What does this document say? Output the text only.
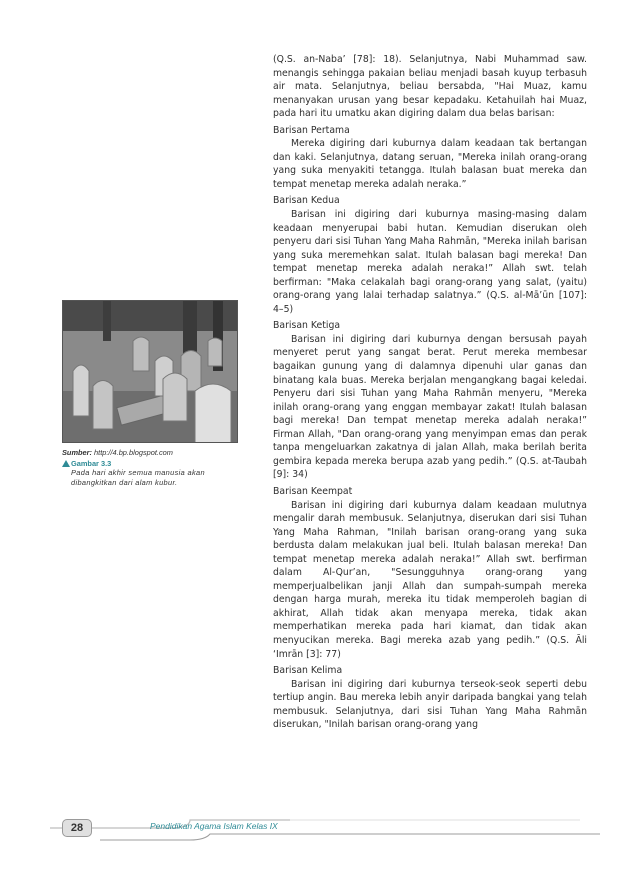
Sumber: http://4.bp.blogspot.com
Gambar 3.3
Pada hari akhir semua manusia akan dibangkitkan dari alam kubur.

(Q.S. an-Naba’ [78]: 18). Selanjutnya, Nabi Muhammad saw. menangis sehingga pakaian beliau menjadi basah kuyup terbasuh air mata. Selanjutnya, beliau bersabda, "Hai Muaz, kamu menanyakan urusan yang besar kepadaku. Ketahuilah hai Muaz, pada hari itu umatku akan digiring dalam dua belas barisan:

Barisan Pertama

Mereka digiring dari kuburnya dalam keadaan tak bertangan dan kaki. Selanjutnya, datang seruan, "Mereka inilah orang-orang yang suka menyakiti tetangga. Itulah balasan buat mereka dan tempat menetap mereka adalah neraka.”

Barisan Kedua

Barisan ini digiring dari kuburnya masing-masing dalam keadaan menyerupai babi hutan. Kemudian diserukan oleh penyeru dari sisi Tuhan Yang Maha Rahmān, "Mereka inilah barisan yang suka meremehkan salat. Itulah balasan bagi mereka! Dan tempat menetap mereka adalah neraka!” Allah swt. telah berfirman: "Maka celakalah bagi orang-orang yang salat, (yaitu) orang-orang yang lalai terhadap salatnya.” (Q.S. al-Mā’ūn [107]: 4–5)

Barisan Ketiga

Barisan ini digiring dari kuburnya dengan bersusah payah menyeret perut yang sangat berat. Perut mereka membesar bagaikan gunung yang di dalamnya dipenuhi ular ganas dan binatang kala buas. Mereka berjalan mengangkang bagai keledai. Penyeru dari sisi Tuhan yang Maha Rahmān menyeru, "Mereka inilah orang-orang yang enggan membayar zakat! Itulah balasan bagi mereka! Dan tempat menetap mereka adalah neraka!” Firman Allah, "Dan orang-orang yang menyimpan emas dan perak tanpa mengeluarkan zakatnya di jalan Allah, maka berilah berita gembira kepada mereka berupa azab yang pedih.” (Q.S. at-Taubah [9]: 34)

Barisan Keempat

Barisan ini digiring dari kuburnya dalam keadaan mulutnya mengalir darah membusuk. Selanjutnya, diserukan dari sisi Tuhan Yang Maha Rahman, "Inilah barisan orang-orang yang suka berdusta dalam melakukan jual beli. Itulah balasan mereka! Dan tempat menetap mereka adalah neraka!” Allah swt. berfirman dalam Al-Qur’an, "Sesungguhnya orang-orang yang memperjualbelikan janji Allah dan sumpah-sumpah mereka dengan harga murah, mereka itu tidak memperoleh bagian di akhirat, Allah tidak akan menyapa mereka, tidak akan memperhatikan mereka pada hari kiamat, dan tidak akan menyucikan mereka. Bagi mereka azab yang pedih.” (Q.S. Āli ‘Imrān [3]: 77)

Barisan Kelima

Barisan ini digiring dari kuburnya terseok-seok seperti debu tertiup angin. Bau mereka lebih anyir daripada bangkai yang telah membusuk. Selanjutnya, dari sisi Tuhan Yang Maha Rahmān diserukan, "Inilah barisan orang-orang yang

28	Pendidikan Agama Islam Kelas IX
